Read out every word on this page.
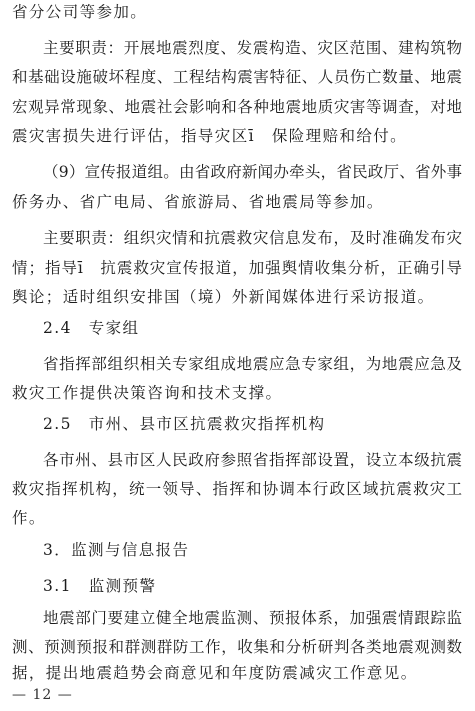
省分公司等参加。
主要职责：开展地震烈度、发震构造、灾区范围、建构筑物
和基础设施破坏程度、工程结构震害特征、人员伤亡数量、地震
宏观异常现象、地震社会影响和各种地震地质灾害等调查，对地
震灾害损失进行评估，指导灾区ī　保险理赔和给付。
（9）宣传报道组。由省政府新闻办牵头，省民政厅、省外事
侨务办、省广电局、省旅游局、省地震局等参加。
主要职责：组织灾情和抗震救灾信息发布，及时准确发布灾
情；指导ī　抗震救灾宣传报道，加强舆情收集分析，正确引导
舆论；适时组织安排国（境）外新闻媒体进行采访报道。
2.4　专家组
省指挥部组织相关专家组成地震应急专家组，为地震应急及
救灾工作提供决策咨询和技术支撑。
2.5　市州、县市区抗震救灾指挥机构
各市州、县市区人民政府参照省指挥部设置，设立本级抗震
救灾指挥机构，统一领导、指挥和协调本行政区域抗震救灾工
作。
3．监测与信息报告
3.1　监测预警
地震部门要建立健全地震监测、预报体系，加强震情跟踪监
测、预测预报和群测群防工作，收集和分析研判各类地震观测数
据，提出地震趋势会商意见和年度防震减灾工作意见。
— 12 —
